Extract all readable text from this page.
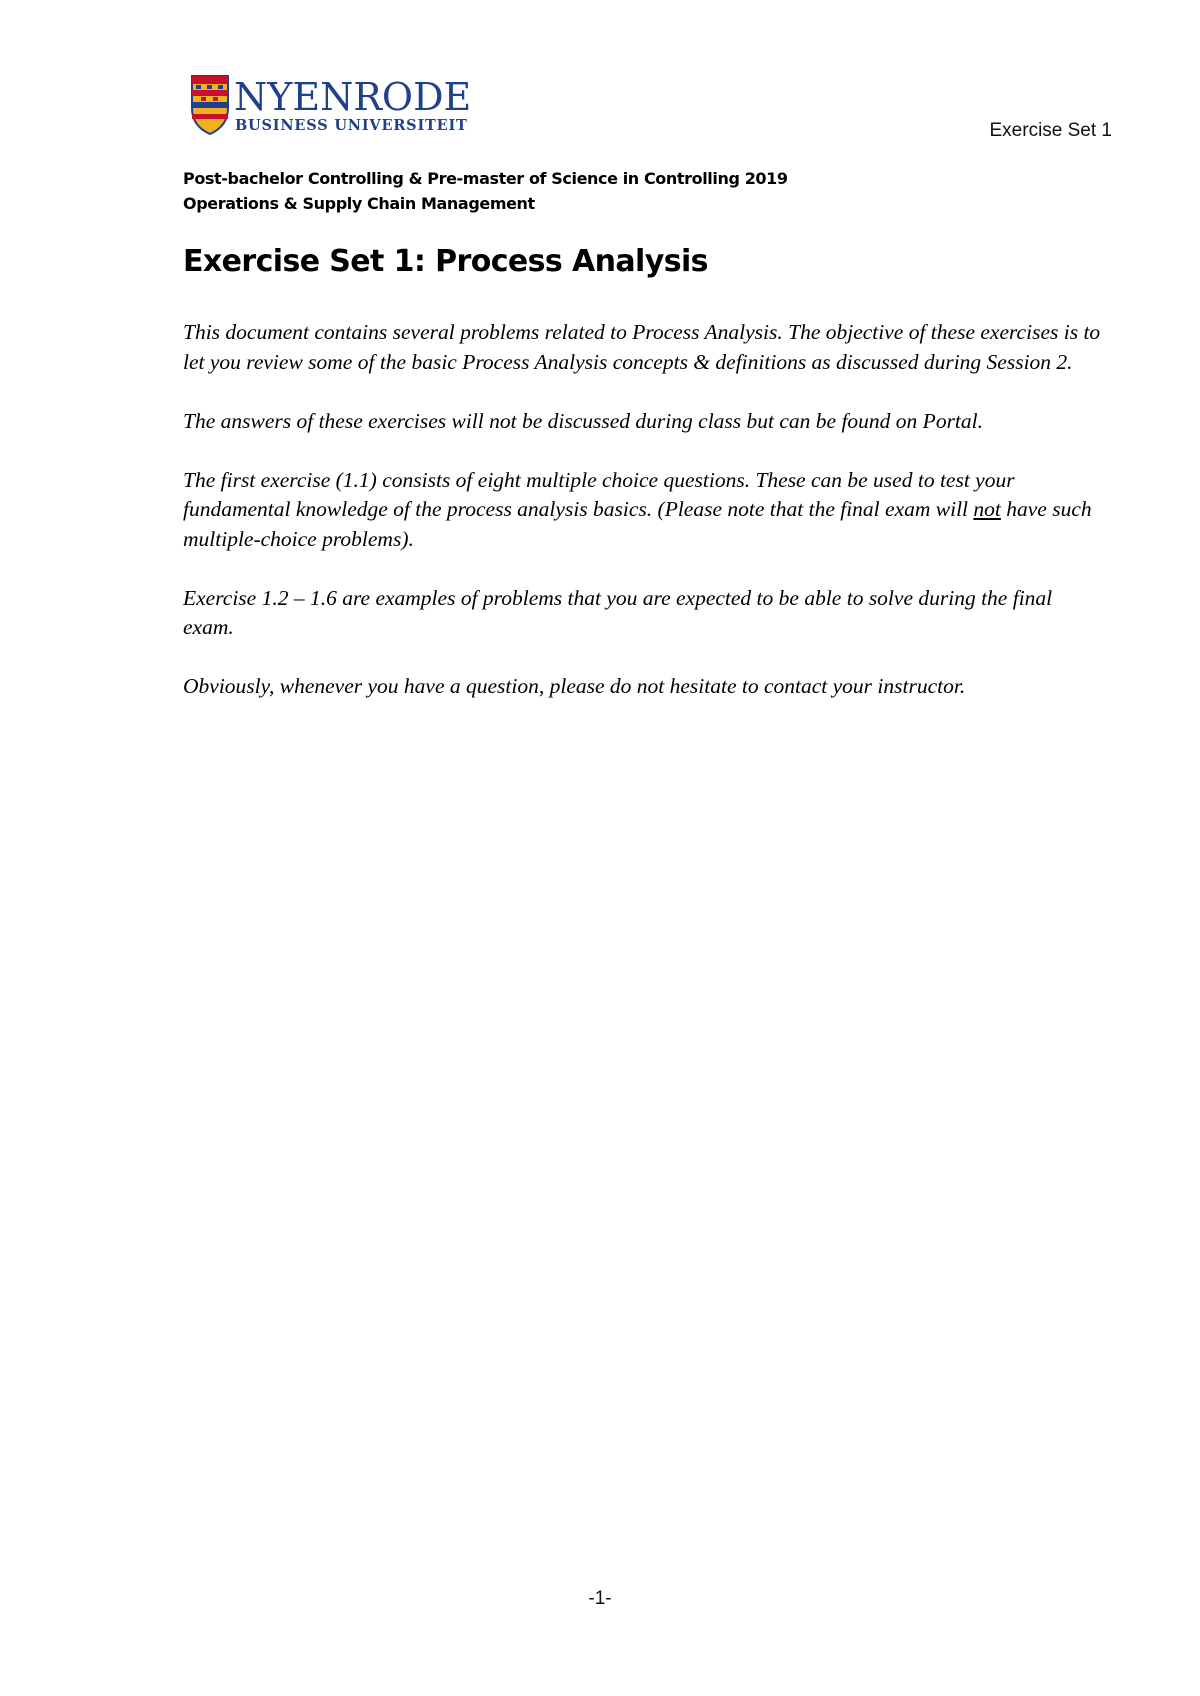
NYENRODE
BUSINESS UNIVERSITEIT	Exercise Set 1
Post-bachelor Controlling & Pre-master of Science in Controlling 2019
Operations & Supply Chain Management
Exercise Set 1: Process Analysis

This document contains several problems related to Process Analysis. The objective of these exercises is to let you review some of the basic Process Analysis concepts & definitions as discussed during Session 2.

The answers of these exercises will not be discussed during class but can be found on Portal.

The first exercise (1.1) consists of eight multiple choice questions. These can be used to test your fundamental knowledge of the process analysis basics. (Please note that the final exam will not have such multiple-choice problems).

Exercise 1.2 – 1.6 are examples of problems that you are expected to be able to solve during the final exam.

Obviously, whenever you have a question, please do not hesitate to contact your instructor.

-1-
